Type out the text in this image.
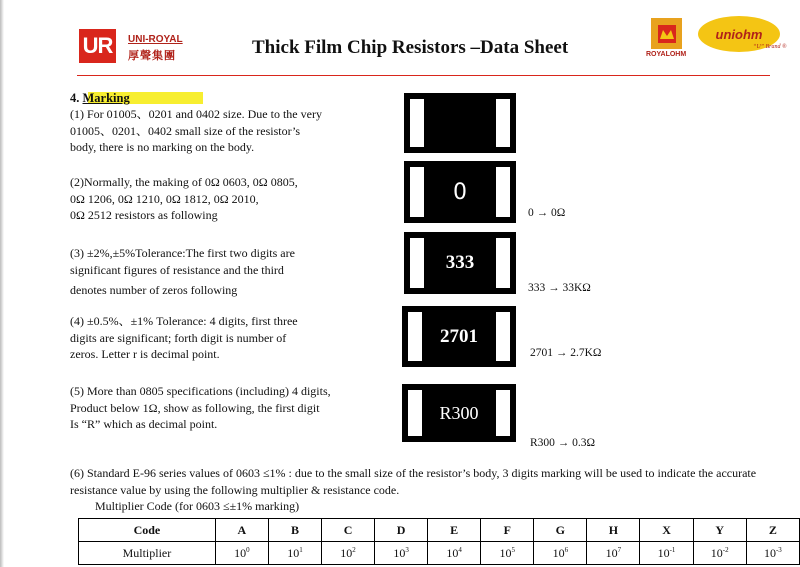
UR UNI-ROYAL
厚聲集團	Thick Film Chip Resistors –Data Sheet	ROYALOHM
uniohm
“U” Brand ®
4. Marking
(1) For 01005、0201 and 0402 size. Due to the very
01005、0201、0402 small size of the resistor’s
body, there is no marking on the body.
(2)Normally, the making of 0Ω 0603, 0Ω 0805,
0Ω 1206, 0Ω 1210, 0Ω 1812, 0Ω 2010,
0Ω 2512 resistors as following
0
0 → 0Ω
(3) ±2%,±5%Tolerance:The first two digits are
significant figures of resistance and the third
denotes number of zeros following
333
333 → 33KΩ
(4) ±0.5%、±1% Tolerance: 4 digits, first three
digits are significant; forth digit is number of
zeros. Letter r is decimal point.
2701
2701 → 2.7KΩ
(5) More than 0805 specifications (including) 4 digits,
Product below 1Ω, show as following, the first digit
Is “R” which as decimal point.
R300
R300 → 0.3Ω
(6) Standard E-96 series values of 0603 ≤1% : due to the small size of the resistor’s body, 3 digits marking will be used to indicate the accurate
resistance value by using the following multiplier & resistance code.
Multiplier Code (for 0603 ≤±1% marking)
Code	A	B	C	D	E	F	G	H	X	Y	Z
Multiplier	$10^0$	$10^1$	$10^2$	$10^3$	$10^4$	$10^5$	$10^6$	$10^7$	$10^{-1}$	$10^{-2}$	$10^{-3}$
